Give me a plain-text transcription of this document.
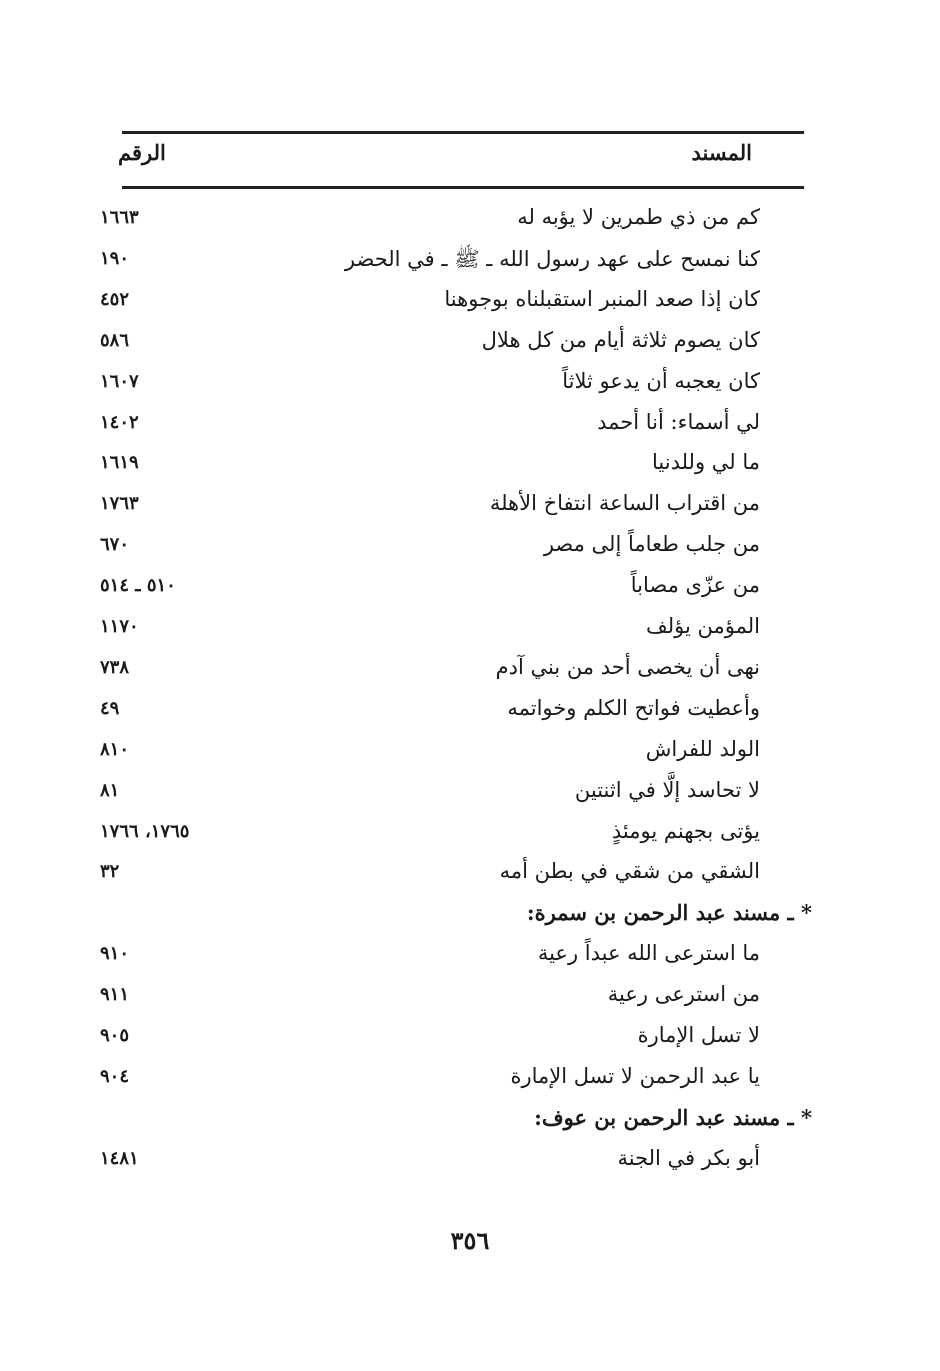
المسند
الرقم
كم من ذي طمرين لا يؤبه له
١٦٦٣
كنا نمسح على عهد رسول الله ـ ﷺ ـ في الحضر
١٩٠
كان إذا صعد المنبر استقبلناه بوجوهنا
٤٥٢
كان يصوم ثلاثة أيام من كل هلال
٥٨٦
كان يعجبه أن يدعو ثلاثاً
١٦٠٧
لي أسماء: أنا أحمد
١٤٠٢
ما لي وللدنيا
١٦١٩
من اقتراب الساعة انتفاخ الأهلة
١٧٦٣
من جلب طعاماً إلى مصر
٦٧٠
من عزّى مصاباً
٥١٠ ـ ٥١٤
المؤمن يؤلف
١١٧٠
نهى أن يخصى أحد من بني آدم
٧٣٨
وأعطيت فواتح الكلم وخواتمه
٤٩
الولد للفراش
٨١٠
لا تحاسد إلَّا في اثنتين
٨١
يؤتى بجهنم يومئذٍ
١٧٦٥، ١٧٦٦
الشقي من شقي في بطن أمه
٣٢
* ـ مسند عبد الرحمن بن سمرة:
ما استرعى الله عبداً رعية
٩١٠
من استرعى رعية
٩١١
لا تسل الإمارة
٩٠٥
يا عبد الرحمن لا تسل الإمارة
٩٠٤
* ـ مسند عبد الرحمن بن عوف:
أبو بكر في الجنة
١٤٨١
٣٥٦
